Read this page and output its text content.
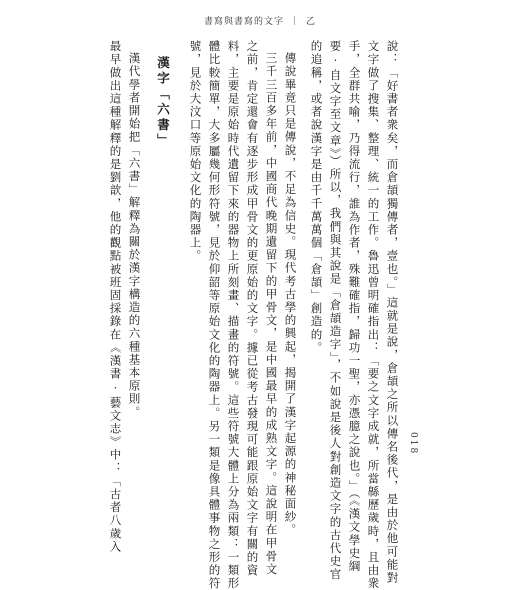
書寫與書寫的文字 ｜ 乙
018
說：「好書者衆矣，而倉頡獨傳者，壹也。」這就是說，倉頡之所以傳名後代，是由於他可能對
文字做了搜集、整理、統一的工作。魯迅曾明確指出：「要之文字成就，所當緜歷歲時，且由衆
手，全群共喻，乃得流行，誰為作者，殊難確指，歸功一聖，亦憑臆之說也。」（《漢文學史綱
要·自文字至文章》）所以，我們與其說是「倉頡造字」，不如說是後人對創造文字的古代史官
的追稱，或者說漢字是由千千萬萬個「倉頡」創造的。
傳說畢竟只是傳說，不足為信史。現代考古學的興起，揭開了漢字起源的神秘面紗。
三千三百多年前，中國商代晚期遺留下的甲骨文，是中國最早的成熟文字。這說明在甲骨文
之前，肯定還會有逐步形成甲骨文的更原始的文字。據已從考古發現可能跟原始文字有關的資
料，主要是原始時代遺留下來的器物上所刻畫、描畫的符號。這些符號大體上分為兩類：一類形
體比較簡單，大多屬幾何形符號，見於仰韶等原始文化的陶器上。另一類是像具體事物之形的符
號，見於大汶口等原始文化的陶器上。
漢字「六書」
漢代學者開始把「六書」解釋為關於漢字構造的六種基本原則。
最早做出這種解釋的是劉歆，他的觀點被班固採錄在《漢書·藝文志》中：「古者八歲入
